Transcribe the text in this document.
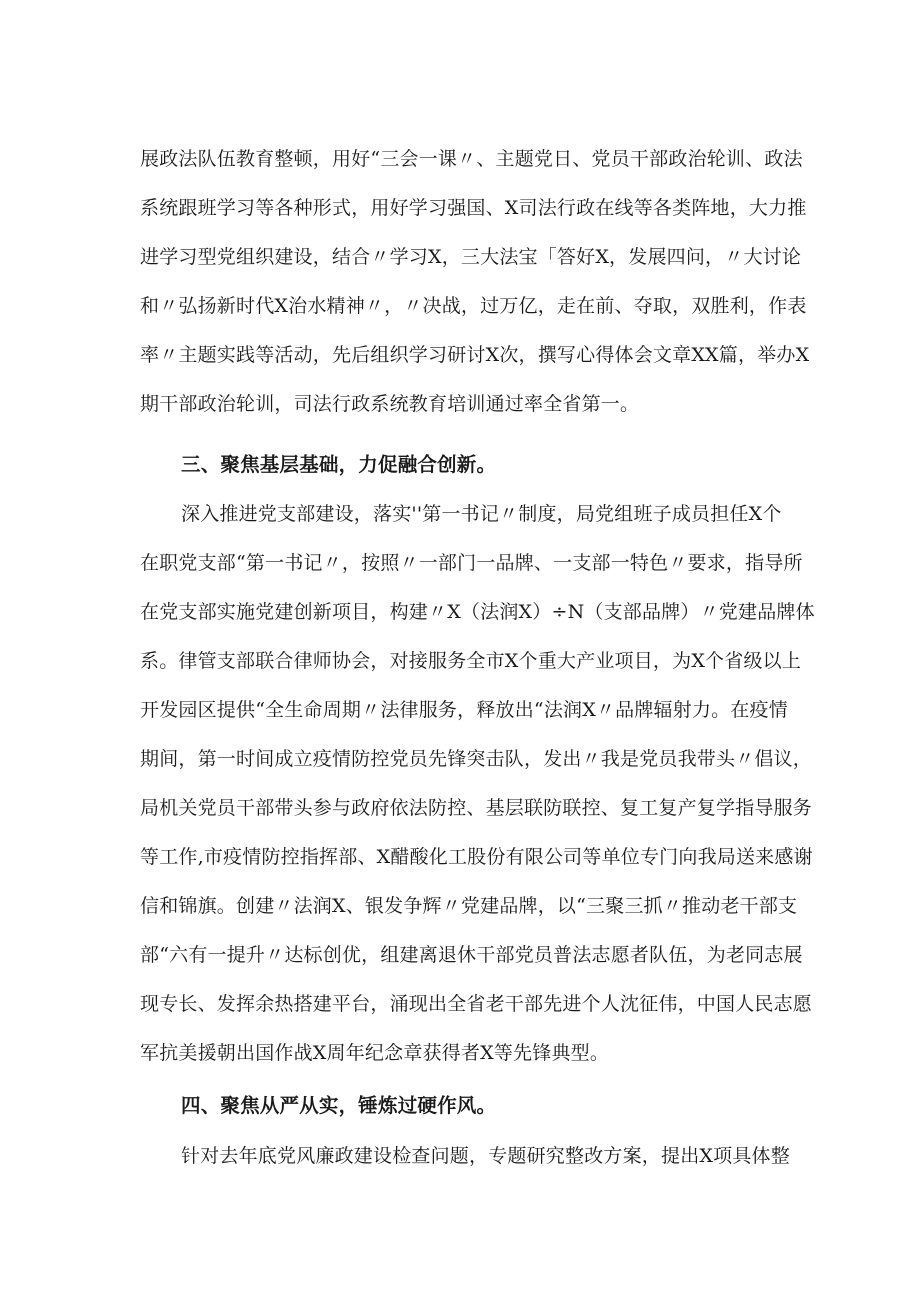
展政法队伍教育整顿，用好“三会一课〃、主题党日、党员干部政治轮训、政法
系统跟班学习等各种形式，用好学习强国、X司法行政在线等各类阵地，大力推
进学习型党组织建设，结合〃学习X，三大法宝「答好X，发展四问，〃大讨论
和〃弘扬新时代X治水精神〃，〃决战，过万亿，走在前、夺取，双胜利，作表
率〃主题实践等活动，先后组织学习研讨X次，撰写心得体会文章XX篇，举办X
期干部政治轮训，司法行政系统教育培训通过率全省第一。
三、聚焦基层基础，力促融合创新。
深入推进党支部建设，落实''第一书记〃制度，局党组班子成员担任X个
在职党支部“第一书记〃，按照〃一部门一品牌、一支部一特色〃要求，指导所
在党支部实施党建创新项目，构建〃X（法润X）÷N（支部品牌）〃党建品牌体
系。律管支部联合律师协会，对接服务全市X个重大产业项目，为X个省级以上
开发园区提供“全生命周期〃法律服务，释放出“法润X〃品牌辐射力。在疫情
期间，第一时间成立疫情防控党员先锋突击队，发出〃我是党员我带头〃倡议，
局机关党员干部带头参与政府依法防控、基层联防联控、复工复产复学指导服务
等工作,市疫情防控指挥部、X醋酸化工股份有限公司等单位专门向我局送来感谢
信和锦旗。创建〃法润X、银发争辉〃党建品牌，以“三聚三抓〃推动老干部支
部“六有一提升〃达标创优，组建离退休干部党员普法志愿者队伍，为老同志展
现专长、发挥余热搭建平台，涌现出全省老干部先进个人沈征伟，中国人民志愿
军抗美援朝出国作战X周年纪念章获得者X等先锋典型。
四、聚焦从严从实，锤炼过硬作风。
针对去年底党风廉政建设检查问题，专题研究整改方案，提出X项具体整
